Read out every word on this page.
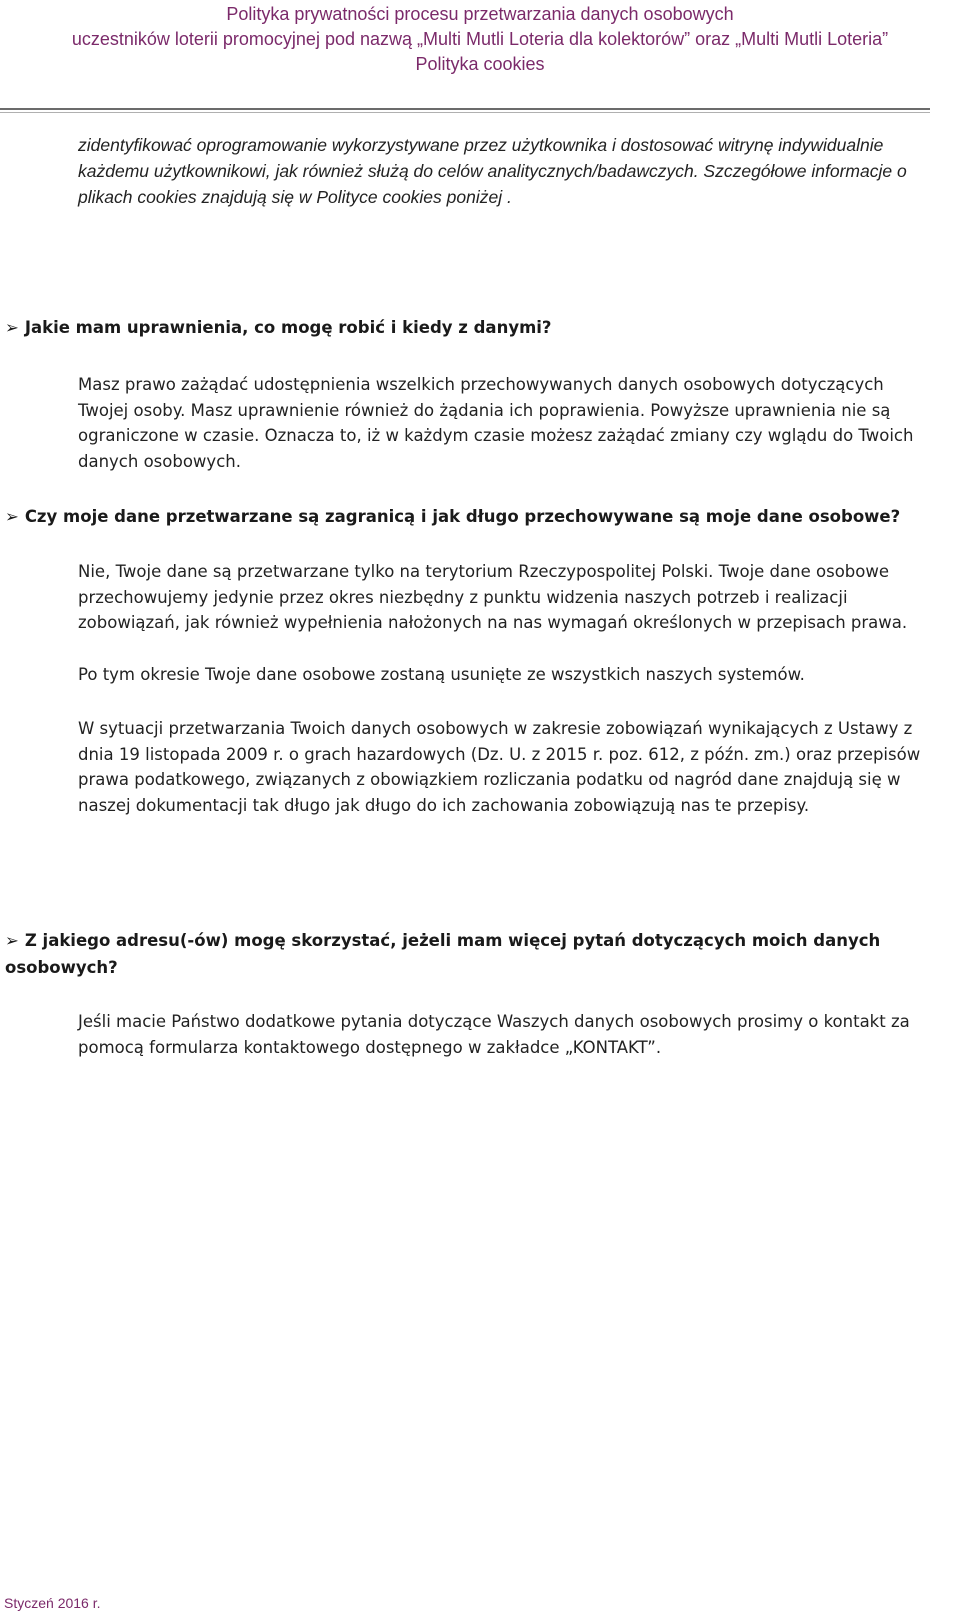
Polityka prywatności procesu przetwarzania danych osobowych
uczestników loterii promocyjnej pod nazwą „Multi Mutli Loteria dla kolektorów” oraz „Multi Mutli Loteria”
Polityka cookies
zidentyfikować oprogramowanie wykorzystywane przez użytkownika i dostosować witrynę indywidualnie każdemu użytkownikowi, jak również służą do celów analitycznych/badawczych. Szczegółowe informacje o plikach cookies znajdują się w Polityce cookies poniżej .
➢ Jakie mam uprawnienia, co mogę robić i kiedy z danymi?
Masz prawo zażądać udostępnienia wszelkich przechowywanych danych osobowych dotyczących Twojej osoby. Masz uprawnienie również do żądania ich poprawienia. Powyższe uprawnienia nie są ograniczone w czasie. Oznacza to, iż w każdym czasie możesz zażądać zmiany czy wglądu do Twoich danych osobowych.
➢ Czy moje dane przetwarzane są zagranicą i jak długo przechowywane są moje dane osobowe?
Nie, Twoje dane są przetwarzane tylko na terytorium Rzeczypospolitej Polski. Twoje dane osobowe przechowujemy jedynie przez okres niezbędny z punktu widzenia naszych potrzeb i realizacji zobowiązań, jak również wypełnienia nałożonych na nas wymagań określonych w przepisach prawa.
Po tym okresie Twoje dane osobowe zostaną usunięte ze wszystkich naszych systemów.
W sytuacji przetwarzania Twoich danych osobowych w zakresie zobowiązań wynikających z Ustawy z dnia 19 listopada 2009 r. o grach hazardowych (Dz. U. z 2015 r. poz. 612, z późn. zm.) oraz przepisów prawa podatkowego, związanych z obowiązkiem rozliczania podatku od nagród dane znajdują się w naszej dokumentacji tak długo jak długo do ich zachowania zobowiązują nas te przepisy.
➢ Z jakiego adresu(-ów) mogę skorzystać, jeżeli mam więcej pytań dotyczących moich danych osobowych?
Jeśli macie Państwo dodatkowe pytania dotyczące Waszych danych osobowych prosimy o kontakt za pomocą formularza kontaktowego dostępnego w zakładce „KONTAKT”.
Styczeń 2016 r.
